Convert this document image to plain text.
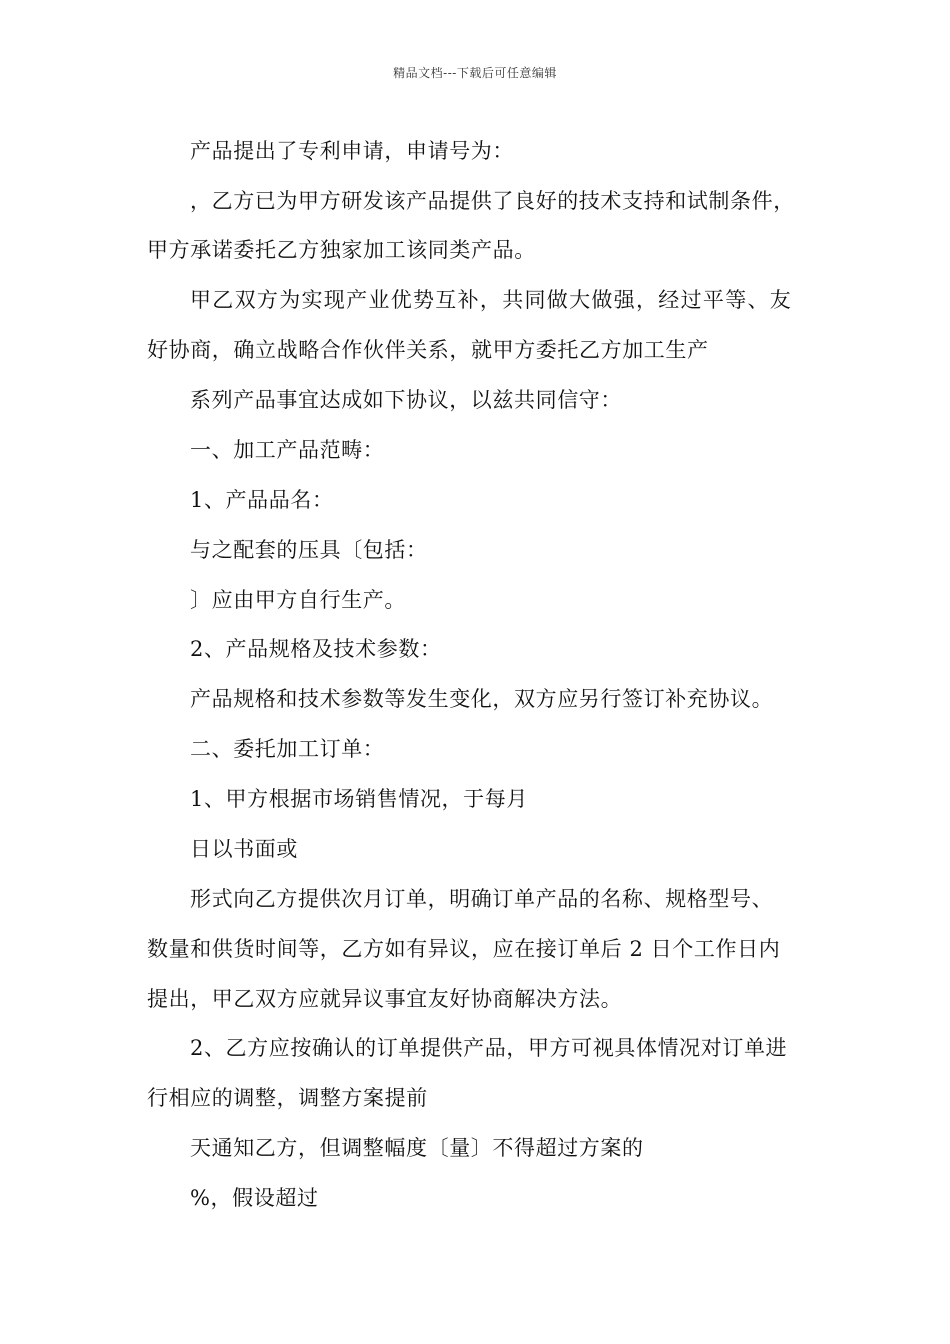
精品文档---下载后可任意编辑
产品提出了专利申请，申请号为：
，乙方已为甲方研发该产品提供了良好的技术支持和试制条件，
甲方承诺委托乙方独家加工该同类产品。
甲乙双方为实现产业优势互补，共同做大做强，经过平等、友
好协商，确立战略合作伙伴关系，就甲方委托乙方加工生产
系列产品事宜达成如下协议，以兹共同信守：
一、加工产品范畴：
1、产品品名：
与之配套的压具〔包括：
〕应由甲方自行生产。
2、产品规格及技术参数：
产品规格和技术参数等发生变化，双方应另行签订补充协议。
二、委托加工订单：
1、甲方根据市场销售情况，于每月
日以书面或
形式向乙方提供次月订单，明确订单产品的名称、规格型号、
数量和供货时间等，乙方如有异议，应在接订单后 2 日个工作日内
提出，甲乙双方应就异议事宜友好协商解决方法。
2、乙方应按确认的订单提供产品，甲方可视具体情况对订单进
行相应的调整，调整方案提前
天通知乙方，但调整幅度〔量〕不得超过方案的
%，假设超过
